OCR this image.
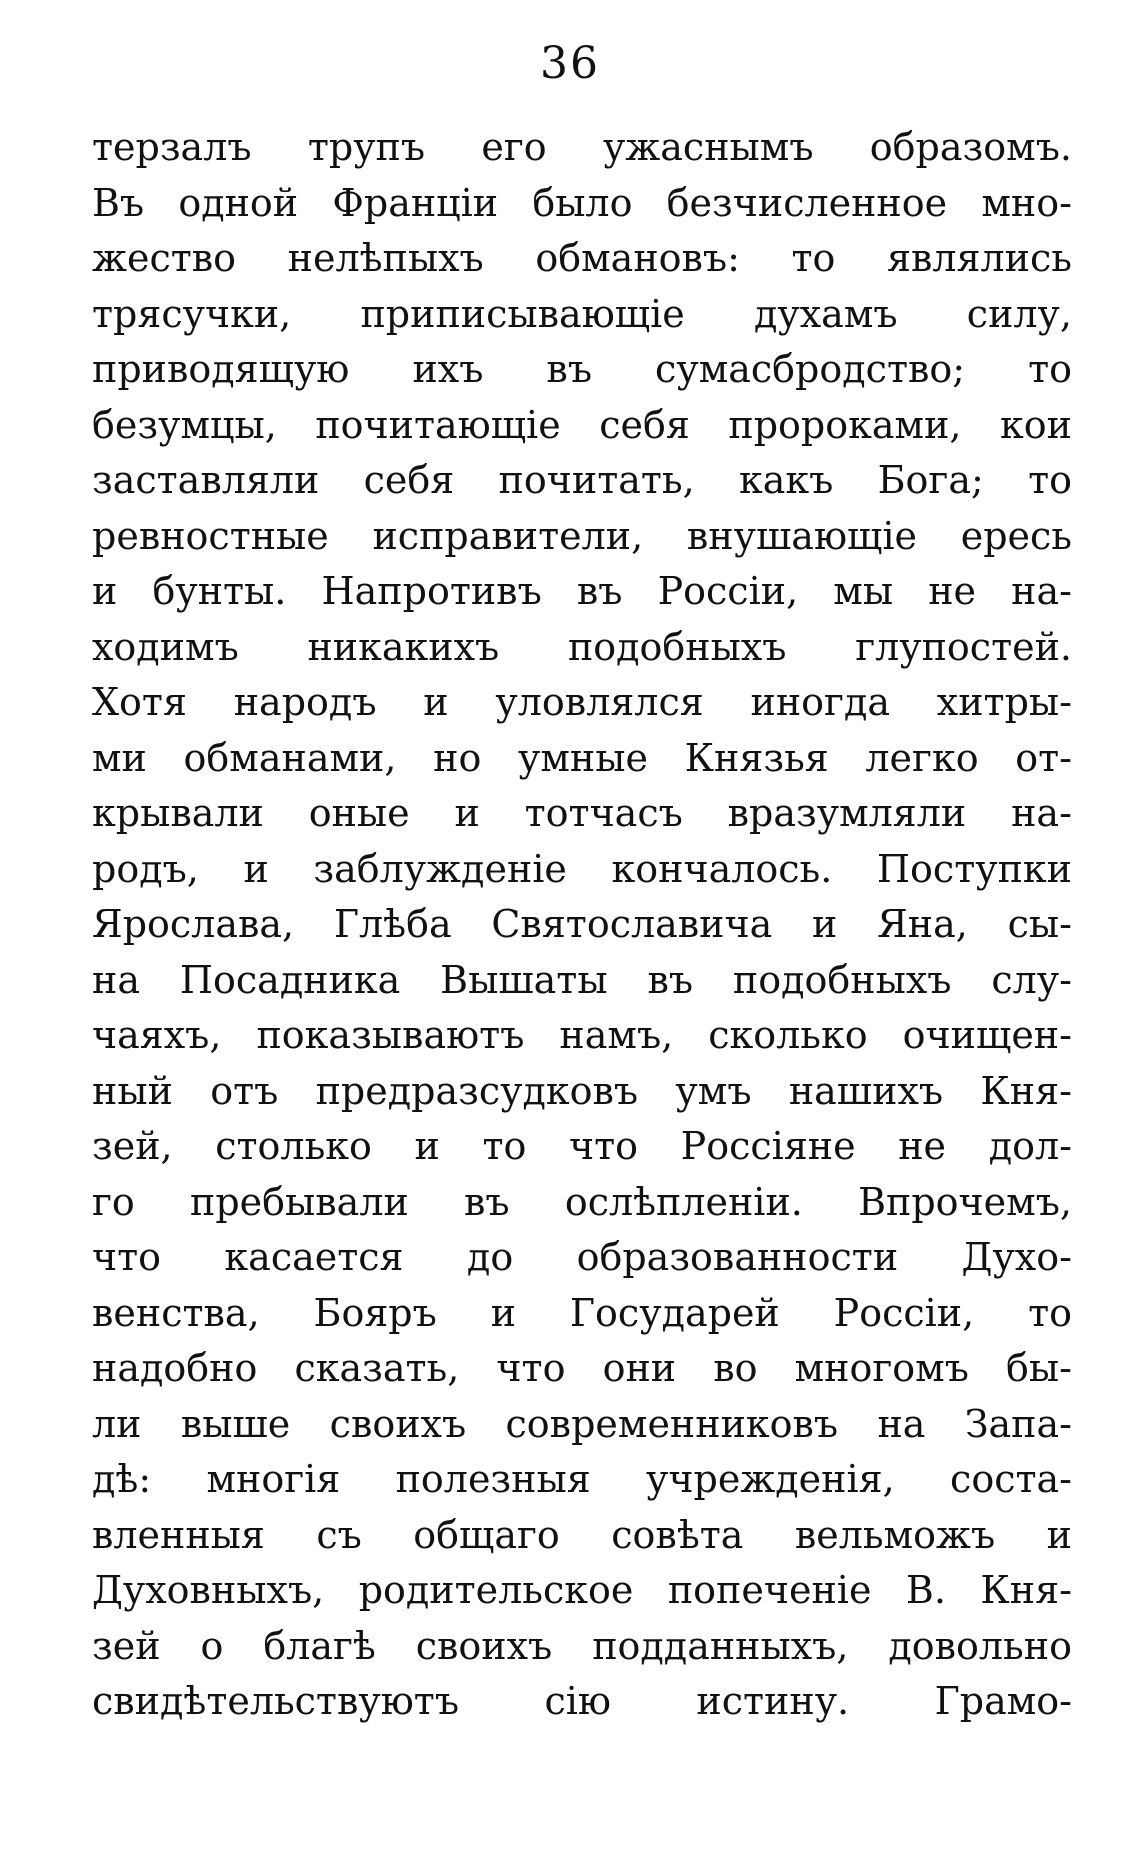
36
терзалъ трупъ его ужаснымъ образомъ.
Въ одной Франціи было безчисленное мно-
жество нелѣпыхъ обмановъ: то являлись
трясучки, приписывающіе духамъ силу,
приводящую ихъ въ сумасбродство; то
безумцы, почитающіе себя пророками, кои
заставляли себя почитать, какъ Бога; то
ревностные исправители, внушающіе ересь
и бунты. Напротивъ въ Россіи, мы не на-
ходимъ никакихъ подобныхъ глупостей.
Хотя народъ и уловлялся иногда хитры-
ми обманами, но умные Князья легко от-
крывали оные и тотчасъ вразумляли на-
родъ, и заблужденіе кончалось. Поступки
Ярослава, Глѣба Святославича и Яна, сы-
на Посадника Вышаты въ подобныхъ слу-
чаяхъ, показываютъ намъ, сколько очищен-
ный отъ предразсудковъ умъ нашихъ Кня-
зей, столько и то что Россіяне не дол-
го пребывали въ ослѣпленіи. Впрочемъ,
что касается до образованности Духо-
венства, Бояръ и Государей Россіи, то
надобно сказать, что они во многомъ бы-
ли выше своихъ современниковъ на Запа-
дѣ: многія полезныя учрежденія, соста-
вленныя съ общаго совѣта вельможъ и
Духовныхъ, родительское попеченіе В. Кня-
зей о благѣ своихъ подданныхъ, довольно
свидѣтельствуютъ сію истину. Грамо-
